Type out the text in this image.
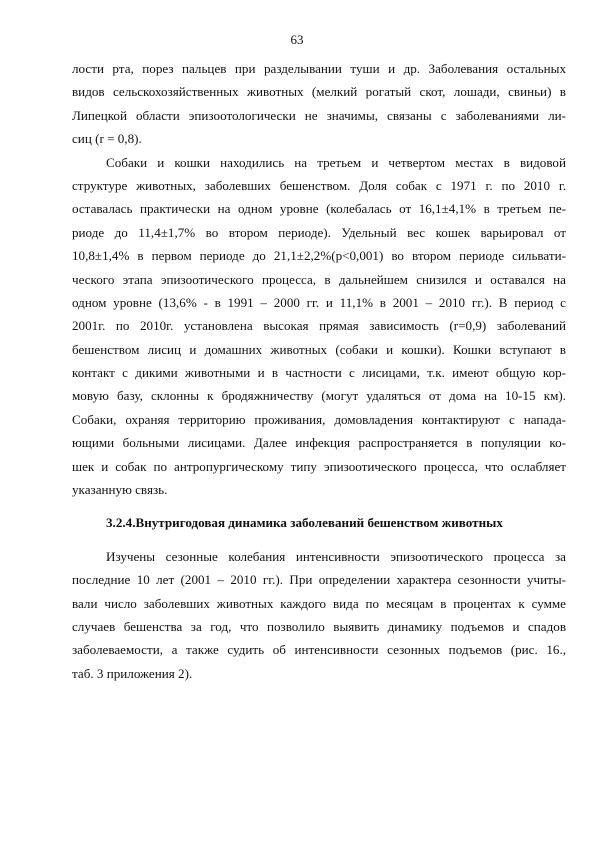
63
лости рта, порез пальцев при разделывании туши и др. Заболевания остальных
видов сельскохозяйственных животных (мелкий рогатый скот, лошади, свиньи) в
Липецкой области эпизоотологически не значимы, связаны с заболеваниями ли-
сиц (r = 0,8).
Собаки и кошки находились на третьем и четвертом местах в видовой
структуре животных, заболевших бешенством. Доля собак с 1971 г. по 2010 г.
оставалась практически на одном уровне (колебалась от 16,1±4,1% в третьем пе-
риоде до 11,4±1,7% во втором периоде). Удельный вес кошек варьировал от
10,8±1,4% в первом периоде до 21,1±2,2%(р<0,001) во втором периоде сильвати-
ческого этапа эпизоотического процесса, в дальнейшем снизился и оставался на
одном уровне (13,6% - в 1991 – 2000 гг. и 11,1% в 2001 – 2010 гг.). В период с
2001г. по 2010г. установлена высокая прямая зависимость (r=0,9) заболеваний
бешенством лисиц и домашних животных (собаки и кошки). Кошки вступают в
контакт с дикими животными и в частности с лисицами, т.к. имеют общую кор-
мовую базу, склонны к бродяжничеству (могут удаляться от дома на 10-15 км).
Собаки, охраняя территорию проживания, домовладения контактируют с напада-
ющими больными лисицами. Далее инфекция распространяется в популяции ко-
шек и собак по антропургическому типу эпизоотического процесса, что ослабляет
указанную связь.
3.2.4.Внутригодовая динамика заболеваний бешенством животных
Изучены сезонные колебания интенсивности эпизоотического процесса за
последние 10 лет (2001 – 2010 гг.). При определении характера сезонности учиты-
вали число заболевших животных каждого вида по месяцам в процентах к сумме
случаев бешенства за год, что позволило выявить динамику подъемов и спадов
заболеваемости, а также судить об интенсивности сезонных подъемов (рис. 16.,
таб. 3 приложения 2).
